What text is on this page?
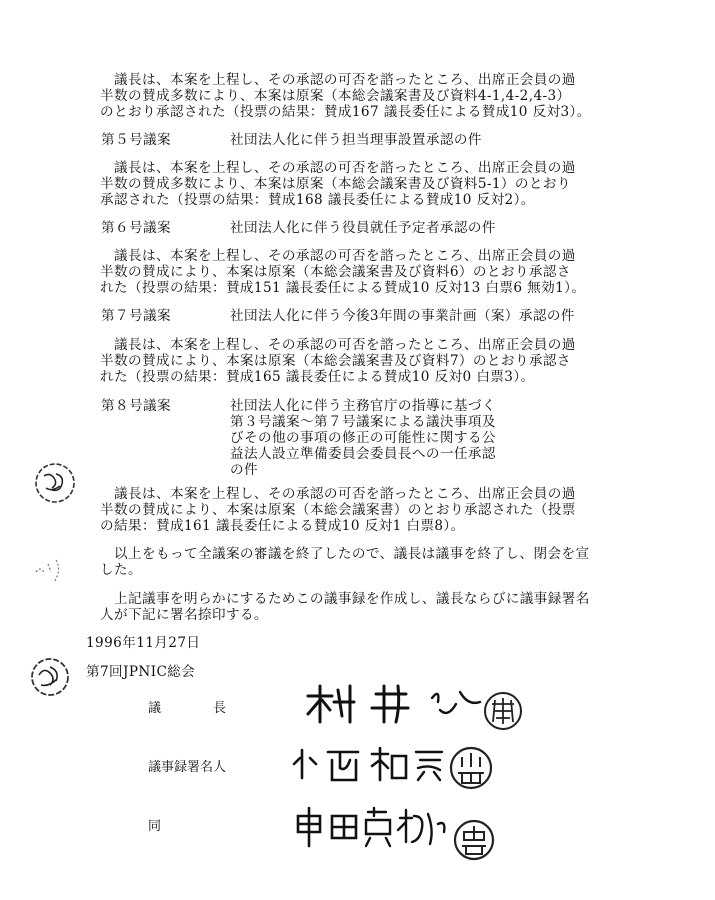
　議長は、本案を上程し、その承認の可否を諮ったところ、出席正会員の過

半数の賛成多数により、本案は原案（本総会議案書及び資料4-1,4-2,4-3）

のとおり承認された（投票の結果：賛成167 議長委任による賛成10 反対3）。

第５号議案	社団法人化に伴う担当理事設置承認の件

　議長は、本案を上程し、その承認の可否を諮ったところ、出席正会員の過

半数の賛成多数により、本案は原案（本総会議案書及び資料5-1）のとおり

承認された（投票の結果：賛成168 議長委任による賛成10 反対2）。

第６号議案	社団法人化に伴う役員就任予定者承認の件

　議長は、本案を上程し、その承認の可否を諮ったところ、出席正会員の過

半数の賛成により、本案は原案（本総会議案書及び資料6）のとおり承認さ

れた（投票の結果：賛成151 議長委任による賛成10 反対13 白票6 無効1）。

第７号議案	社団法人化に伴う今後3年間の事業計画（案）承認の件

　議長は、本案を上程し、その承認の可否を諮ったところ、出席正会員の過

半数の賛成により、本案は原案（本総会議案書及び資料7）のとおり承認さ

れた（投票の結果：賛成165 議長委任による賛成10 反対0 白票3）。

第８号議案	社団法人化に伴う主務官庁の指導に基づく

第３号議案～第７号議案による議決事項及

びその他の事項の修正の可能性に関する公

益法人設立準備委員会委員長への一任承認

の件

　議長は、本案を上程し、その承認の可否を諮ったところ、出席正会員の過

半数の賛成により、本案は原案（本総会議案書）のとおり承認された（投票

の結果：賛成161 議長委任による賛成10 反対1 白票8）。

　以上をもって全議案の審議を終了したので、議長は議事を終了し、閉会を宣

した。

　上記議事を明らかにするためこの議事録を作成し、議長ならびに議事録署名

人が下記に署名捺印する。

1996年11月27日
第7回JPNIC総会
議　　　　長
議事録署名人
同
